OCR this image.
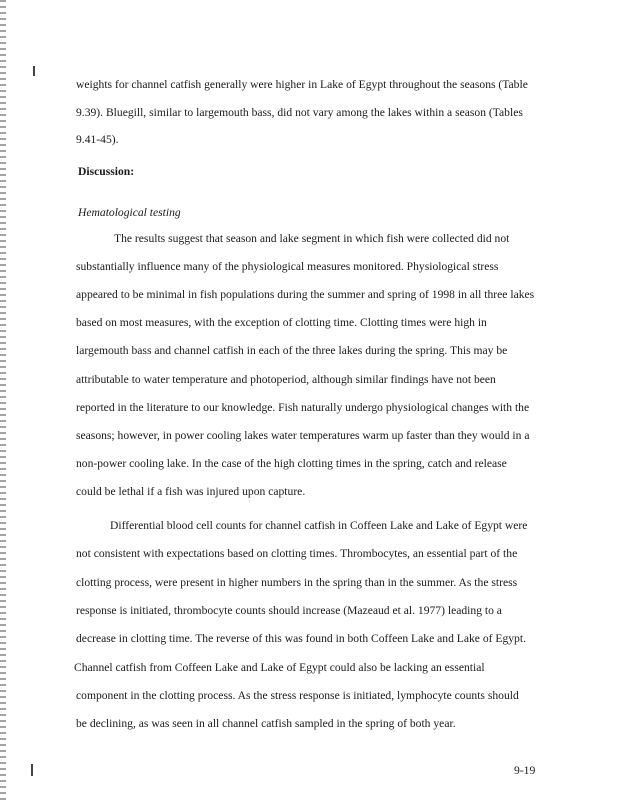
weights for channel catfish generally were higher in Lake of Egypt throughout the seasons (Table
9.39). Bluegill, similar to largemouth bass, did not vary among the lakes within a season (Tables
9.41-45).
Discussion:
Hematological testing
The results suggest that season and lake segment in which fish were collected did not
substantially influence many of the physiological measures monitored. Physiological stress
appeared to be minimal in fish populations during the summer and spring of 1998 in all three lakes
based on most measures, with the exception of clotting time. Clotting times were high in
largemouth bass and channel catfish in each of the three lakes during the spring. This may be
attributable to water temperature and photoperiod, although similar findings have not been
reported in the literature to our knowledge. Fish naturally undergo physiological changes with the
seasons; however, in power cooling lakes water temperatures warm up faster than they would in a
non-power cooling lake. In the case of the high clotting times in the spring, catch and release
could be lethal if a fish was injured upon capture.
Differential blood cell counts for channel catfish in Coffeen Lake and Lake of Egypt were
not consistent with expectations based on clotting times. Thrombocytes, an essential part of the
clotting process, were present in higher numbers in the spring than in the summer. As the stress
response is initiated, thrombocyte counts should increase (Mazeaud et al. 1977) leading to a
decrease in clotting time. The reverse of this was found in both Coffeen Lake and Lake of Egypt.
Channel catfish from Coffeen Lake and Lake of Egypt could also be lacking an essential
component in the clotting process. As the stress response is initiated, lymphocyte counts should
be declining, as was seen in all channel catfish sampled in the spring of both year.
9-19
